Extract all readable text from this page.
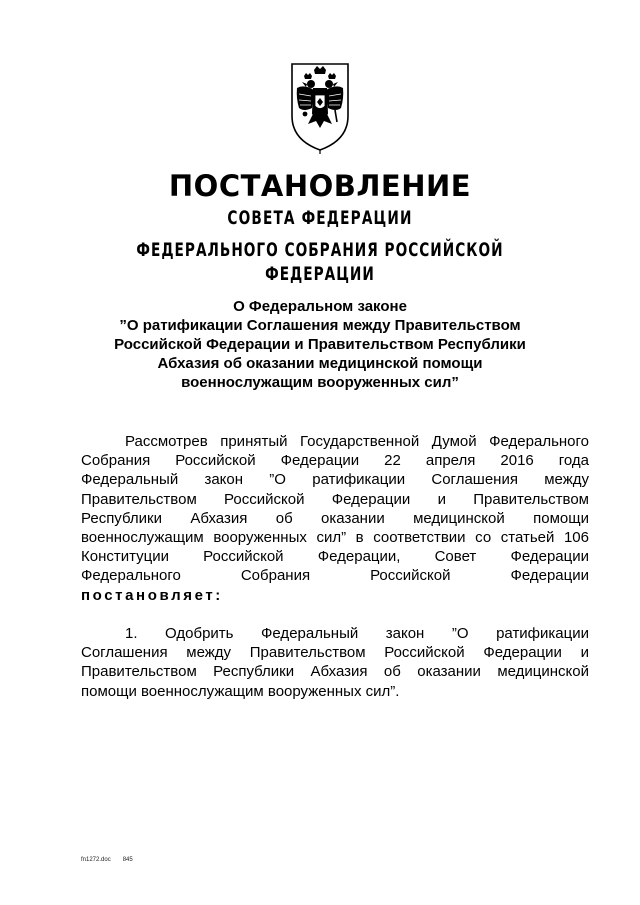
ПОСТАНОВЛЕНИЕ
СОВЕТА ФЕДЕРАЦИИ
ФЕДЕРАЛЬНОГО СОБРАНИЯ РОССИЙСКОЙ ФЕДЕРАЦИИ
О Федеральном законе
”О ратификации Соглашения между Правительством
Российской Федерации и Правительством Республики
Абхазия об оказании медицинской помощи
военнослужащим вооруженных сил”
Рассмотрев принятый Государственной Думой Федерального
Собрания Российской Федерации 22 апреля 2016 года
Федеральный закон ”О ратификации Соглашения между
Правительством Российской Федерации и Правительством
Республики Абхазия об оказании медицинской помощи
военнослужащим вооруженных сил” в соответствии со статьей 106
Конституции Российской Федерации, Совет Федерации
Федерального Собрания Российской Федерации
постановляет:
1. Одобрить Федеральный закон ”О ратификации
Соглашения между Правительством Российской Федерации и
Правительством Республики Абхазия об оказании медицинской
помощи военнослужащим вооруженных сил”.
fn1272.doc 845
